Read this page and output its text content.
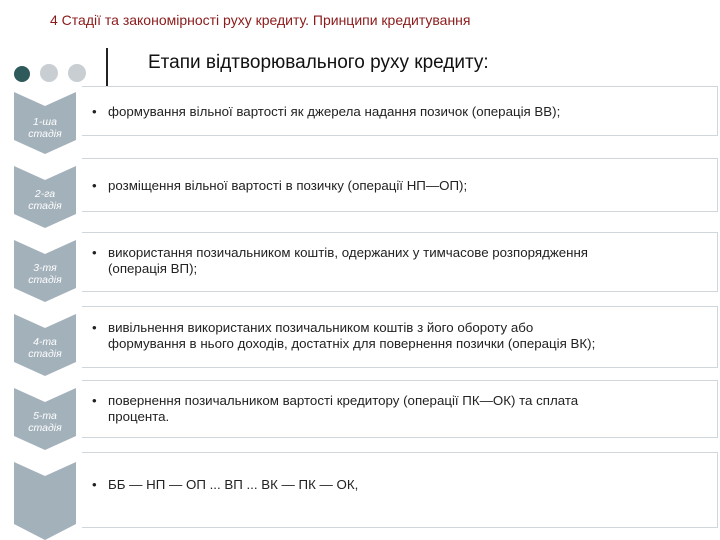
4 Стадії та закономірності руху кредиту. Принципи кредитування
Етапи відтворювального руху кредиту:
1-ша
стадія
• формування вільної вартості як джерела надання позичок (операція ВВ);
2-га
стадія
• розміщення вільної вартості в позичку (операції НП—ОП);
3-тя
стадія
• використання позичальником коштів, одержаних у тимчасове розпорядження
(операція ВП);
4-та
стадія
• вивільнення використаних позичальником коштів з його обороту або
формування в нього доходів, достатніх для повернення позички (операція ВК);
5-та
стадія
• повернення позичальником вартості кредитору (операції ПК—ОК) та сплата
процента.
• ББ — НП — ОП ... ВП ... ВК — ПК — ОК,
